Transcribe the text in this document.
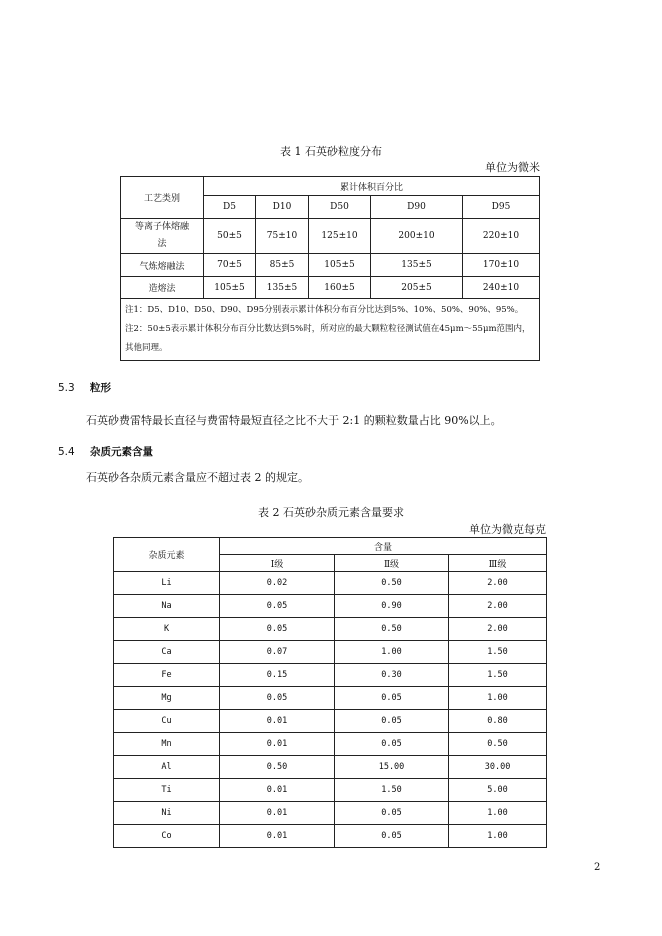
表 1 石英砂粒度分布
单位为微米
工艺类别	累计体积百分比				
	D5	D10	D50	D90	D95
等离子体熔融法	50±5	75±10	125±10	200±10	220±10
气炼熔融法	70±5	85±5	105±5	135±5	170±10
造熔法	105±5	135±5	160±5	205±5	240±10

注1：D5、D10、D50、D90、D95分别表示累计体积分布百分比达到5%、10%、50%、90%、95%。
注2：50±5表示累计体积分布百分比数达到5%时，所对应的最大颗粒粒径测试值在45μm～55μm范围内，其他同理。					
5.3 粒形
石英砂费雷特最长直径与费雷特最短直径之比不大于 2:1 的颗粒数量占比 90%以上。
5.4 杂质元素含量
石英砂各杂质元素含量应不超过表 2 的规定。
表 2 石英砂杂质元素含量要求
单位为微克每克
杂质元素	含量		
	Ⅰ级	Ⅱ级	Ⅲ级
Li	0.02	0.50	2.00
Na	0.05	0.90	2.00
K	0.05	0.50	2.00
Ca	0.07	1.00	1.50
Fe	0.15	0.30	1.50
Mg	0.05	0.05	1.00
Cu	0.01	0.05	0.80
Mn	0.01	0.05	0.50
Al	0.50	15.00	30.00
Ti	0.01	1.50	5.00
Ni	0.01	0.05	1.00
Co	0.01	0.05	1.00
2
